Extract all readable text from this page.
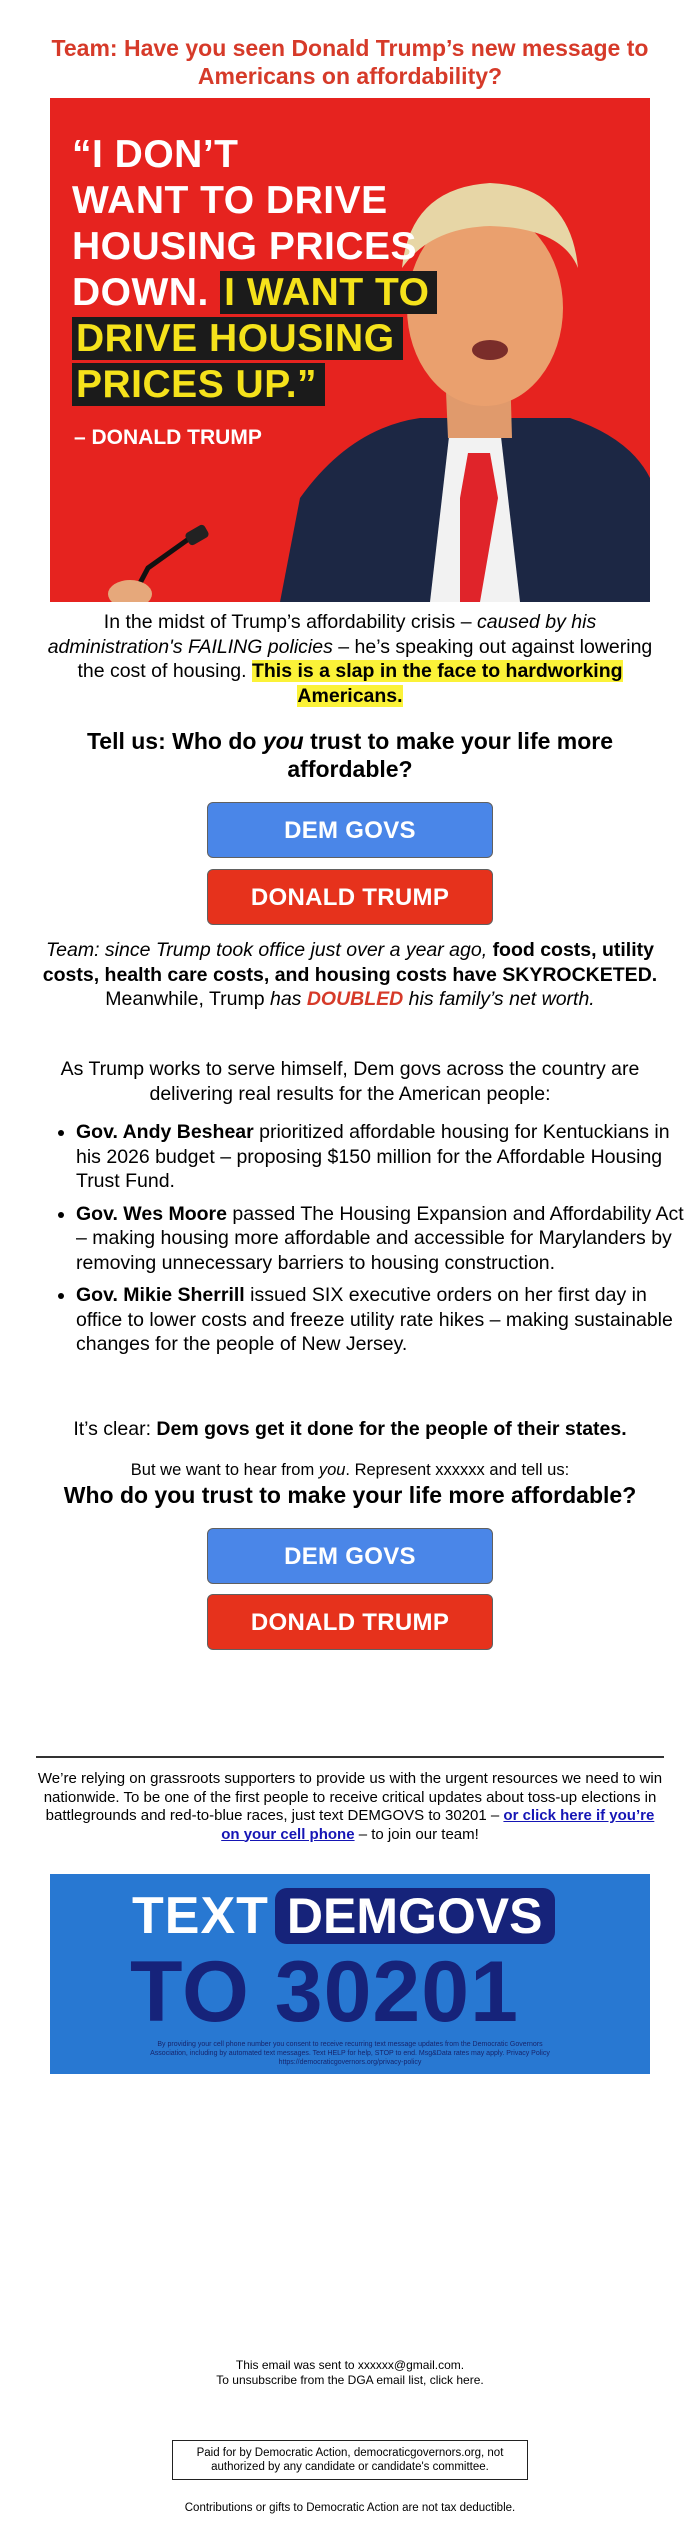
Team: Have you seen Donald Trump’s new message to Americans on affordability?
“I DON’T
WANT TO DRIVE
HOUSING PRICES
DOWN. I WANT TO
DRIVE HOUSING
PRICES UP.”
– DONALD TRUMP
In the midst of Trump’s affordability crisis – caused by his administration's FAILING policies – he’s speaking out against lowering the cost of housing. This is a slap in the face to hardworking Americans.
Tell us: Who do you trust to make your life more affordable?
DEM GOVS
DONALD TRUMP
Team: since Trump took office just over a year ago, food costs, utility costs, health care costs, and housing costs have SKYROCKETED. Meanwhile, Trump has DOUBLED his family’s net worth.
As Trump works to serve himself, Dem govs across the country are delivering real results for the American people:
• Gov. Andy Beshear prioritized affordable housing for Kentuckians in his 2026 budget – proposing $150 million for the Affordable Housing Trust Fund.
• Gov. Wes Moore passed The Housing Expansion and Affordability Act – making housing more affordable and accessible for Marylanders by removing unnecessary barriers to housing construction.
• Gov. Mikie Sherrill issued SIX executive orders on her first day in office to lower costs and freeze utility rate hikes – making sustainable changes for the people of New Jersey.
It’s clear: Dem govs get it done for the people of their states.
But we want to hear from you. Represent xxxxxx and tell us:
Who do you trust to make your life more affordable?
DEM GOVS
DONALD TRUMP
We’re relying on grassroots supporters to provide us with the urgent resources we need to win nationwide. To be one of the first people to receive critical updates about toss-up elections in battlegrounds and red-to-blue races, just text DEMGOVS to 30201 – or click here if you’re on your cell phone – to join our team!
TEXT DEMGOVS
TO 30201
By providing your cell phone number you consent to receive recurring text message updates from the Democratic Governors Association, including by automated text messages. Text HELP for help, STOP to end. Msg&Data rates may apply. Privacy Policy https://democraticgovernors.org/privacy-policy
This email was sent to xxxxxx@gmail.com.
To unsubscribe from the DGA email list, click here.
Paid for by Democratic Action, democraticgovernors.org, not authorized by any candidate or candidate's committee.
Contributions or gifts to Democratic Action are not tax deductible.
